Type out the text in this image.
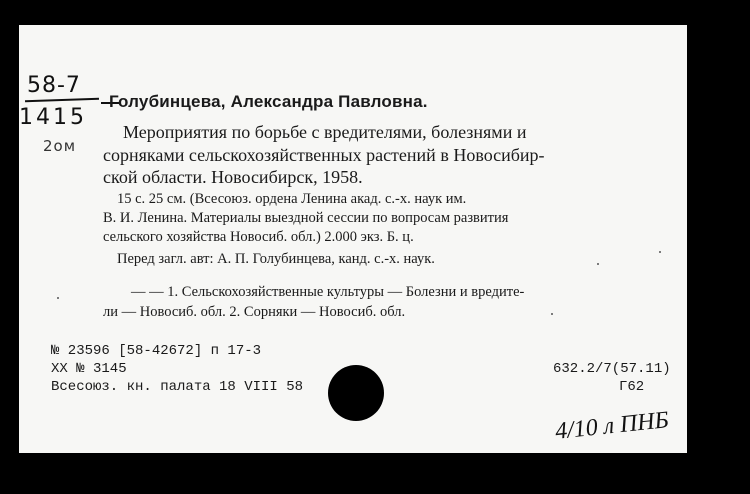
58-7
1415
2ом
Голубинцева, Александра Павловна.
Мероприятия по борьбе с вредителями, болезнями и
сорняками сельскохозяйственных растений в Новосибир-
ской области. Новосибирск, 1958.
15 с. 25 см. (Всесоюз. ордена Ленина акад. с.-х. наук им.
В. И. Ленина. Материалы выездной сессии по вопросам развития
сельского хозяйства Новосиб. обл.) 2.000 экз. Б. ц.
Перед загл. авт: А. П. Голубинцева, канд. с.-х. наук.
— — 1. Сельскохозяйственные культуры — Болезни и вредите-
ли — Новосиб. обл. 2. Сорняки — Новосиб. обл.
№ 23596 [58-42672] п 17-3
XX № 3145
Всесоюз. кн. палата 18 VIII 58
632.2/7(57.11)
Г62
4/10 л ПНБ
